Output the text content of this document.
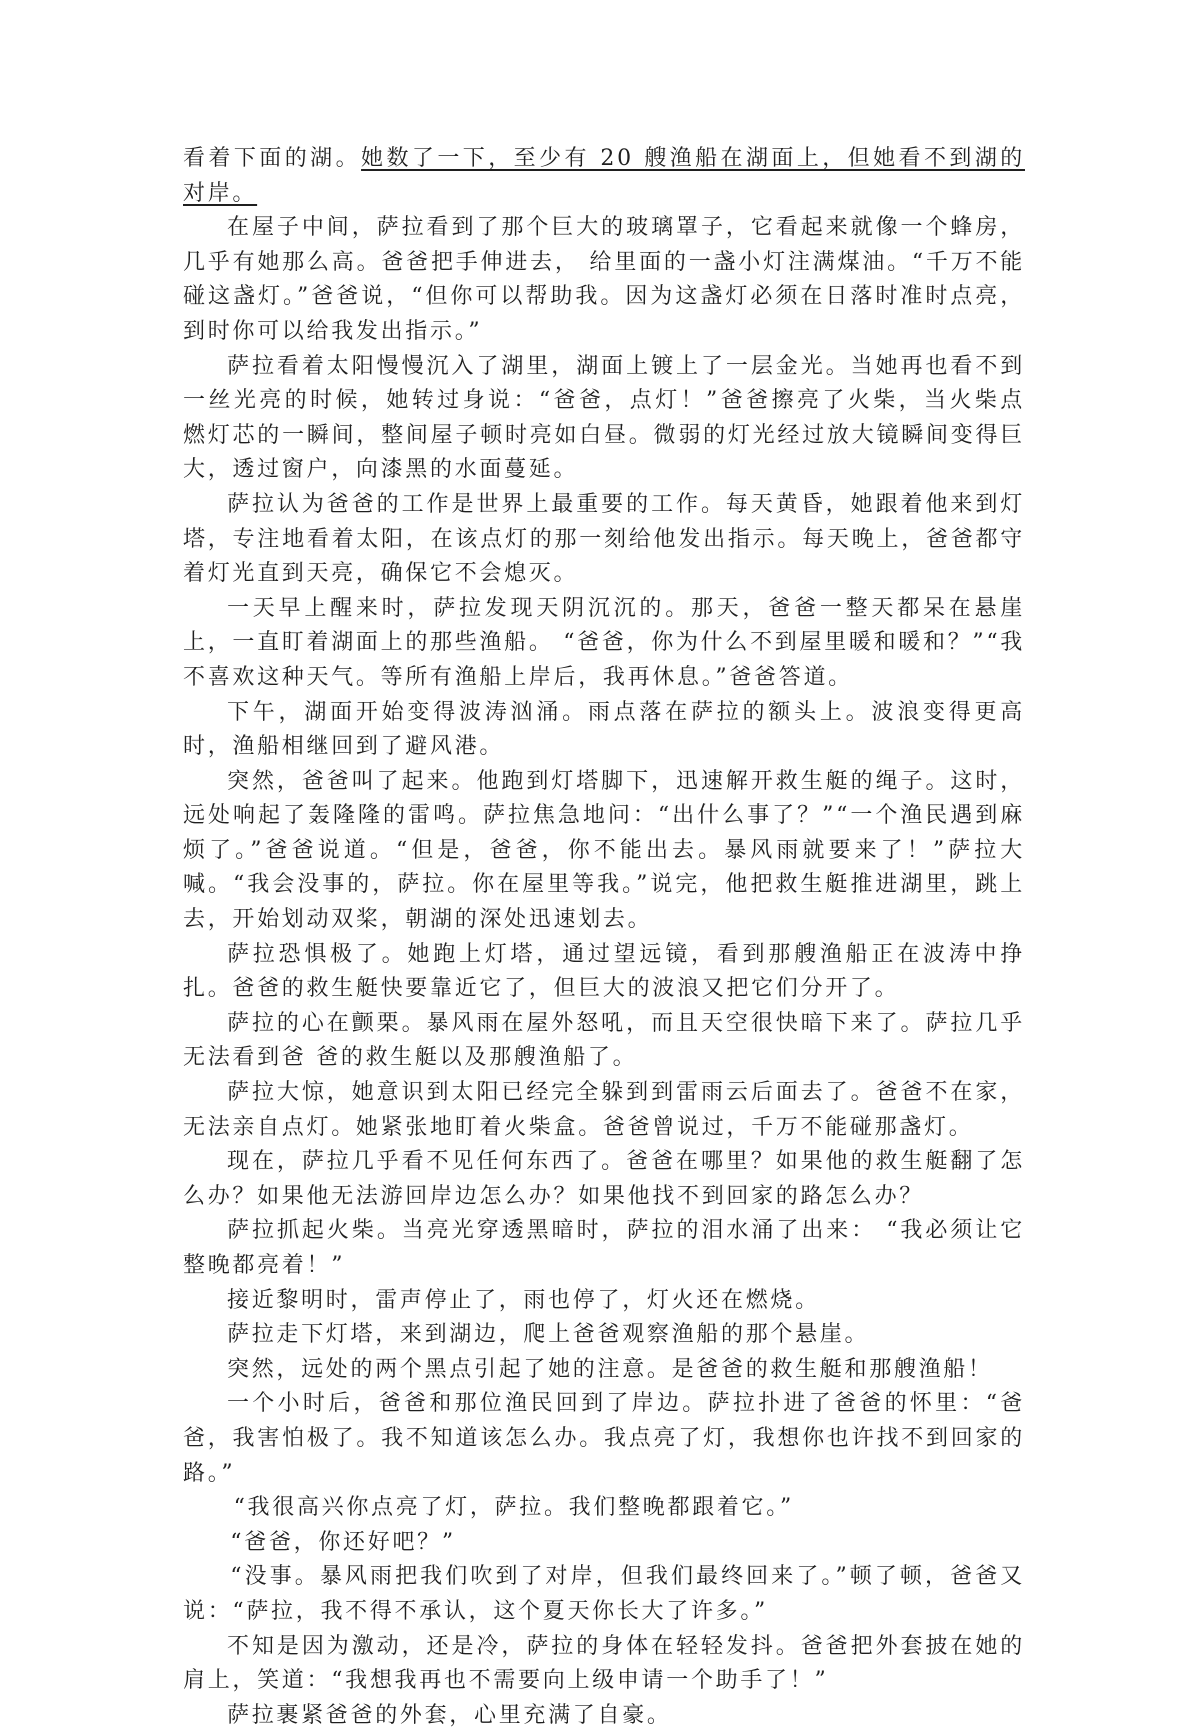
看着下面的湖。她数了一下，至少有 20 艘渔船在湖面上，但她看不到湖的对岸。

在屋子中间，萨拉看到了那个巨大的玻璃罩子，它看起来就像一个蜂房，几乎有她那么高。爸爸把手伸进去， 给里面的一盏小灯注满煤油。“千万不能碰这盏灯。”爸爸说，“但你可以帮助我。因为这盏灯必须在日落时准时点亮，到时你可以给我发出指示。”

萨拉看着太阳慢慢沉入了湖里，湖面上镀上了一层金光。当她再也看不到一丝光亮的时候，她转过身说：“爸爸，点灯！”爸爸擦亮了火柴，当火柴点燃灯芯的一瞬间，整间屋子顿时亮如白昼。微弱的灯光经过放大镜瞬间变得巨大，透过窗户，向漆黑的水面蔓延。

萨拉认为爸爸的工作是世界上最重要的工作。每天黄昏，她跟着他来到灯塔，专注地看着太阳，在该点灯的那一刻给他发出指示。每天晚上，爸爸都守着灯光直到天亮，确保它不会熄灭。

一天早上醒来时，萨拉发现天阴沉沉的。那天，爸爸一整天都呆在悬崖上，一直盯着湖面上的那些渔船。 “爸爸，你为什么不到屋里暖和暖和？”“我不喜欢这种天气。等所有渔船上岸后，我再休息。”爸爸答道。

下午，湖面开始变得波涛汹涌。雨点落在萨拉的额头上。波浪变得更高时，渔船相继回到了避风港。

突然，爸爸叫了起来。他跑到灯塔脚下，迅速解开救生艇的绳子。这时，远处响起了轰隆隆的雷鸣。萨拉焦急地问：“出什么事了？”“一个渔民遇到麻烦了。”爸爸说道。“但是，爸爸，你不能出去。暴风雨就要来了！”萨拉大喊。“我会没事的，萨拉。你在屋里等我。”说完，他把救生艇推进湖里，跳上去，开始划动双桨，朝湖的深处迅速划去。

萨拉恐惧极了。她跑上灯塔，通过望远镜，看到那艘渔船正在波涛中挣扎。爸爸的救生艇快要靠近它了，但巨大的波浪又把它们分开了。

萨拉的心在颤栗。暴风雨在屋外怒吼，而且天空很快暗下来了。萨拉几乎无法看到爸 爸的救生艇以及那艘渔船了。

萨拉大惊，她意识到太阳已经完全躲到到雷雨云后面去了。爸爸不在家，无法亲自点灯。她紧张地盯着火柴盒。爸爸曾说过，千万不能碰那盏灯。

现在，萨拉几乎看不见任何东西了。爸爸在哪里？如果他的救生艇翻了怎么办？如果他无法游回岸边怎么办？如果他找不到回家的路怎么办？

萨拉抓起火柴。当亮光穿透黑暗时，萨拉的泪水涌了出来： “我必须让它整晚都亮着！”

接近黎明时，雷声停止了，雨也停了，灯火还在燃烧。

萨拉走下灯塔，来到湖边，爬上爸爸观察渔船的那个悬崖。

突然，远处的两个黑点引起了她的注意。是爸爸的救生艇和那艘渔船！

一个小时后，爸爸和那位渔民回到了岸边。萨拉扑进了爸爸的怀里：“爸爸，我害怕极了。我不知道该怎么办。我点亮了灯，我想你也许找不到回家的路。”

“我很高兴你点亮了灯，萨拉。我们整晚都跟着它。”

“爸爸，你还好吧？”

“没事。暴风雨把我们吹到了对岸，但我们最终回来了。”顿了顿，爸爸又说：“萨拉，我不得不承认，这个夏天你长大了许多。”

不知是因为激动，还是冷，萨拉的身体在轻轻发抖。爸爸把外套披在她的肩上，笑道：“我想我再也不需要向上级申请一个助手了！”

萨拉裹紧爸爸的外套，心里充满了自豪。
